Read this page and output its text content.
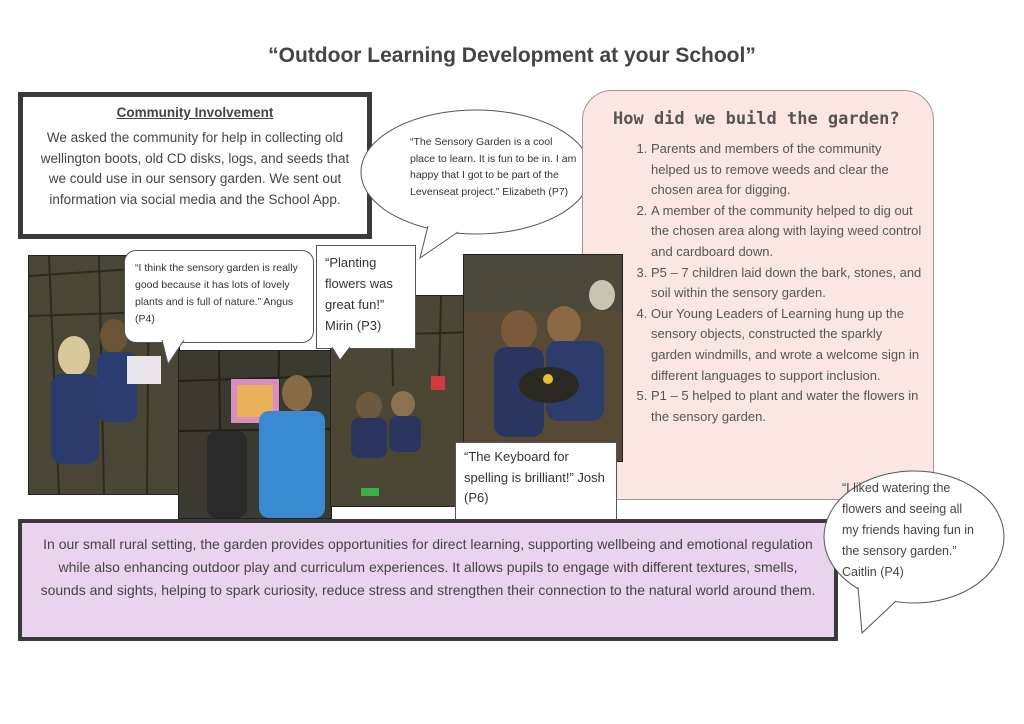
“Outdoor Learning Development at your School”
Community Involvement
We asked the community for help in collecting old wellington boots, old CD disks, logs, and seeds that we could use in our sensory garden. We sent out information via social media and the School App.
“The Sensory Garden is a cool place to learn. It is fun to be in. I am happy that I got to be part of the Levenseat project.” Elizabeth (P7)
How did we build the garden?
1. Parents and members of the community helped us to remove weeds and clear the chosen area for digging.
2. A member of the community helped to dig out the chosen area along with laying weed control and cardboard down.
3. P5 – 7 children laid down the bark, stones, and soil within the sensory garden.
4. Our Young Leaders of Learning hung up the sensory objects, constructed the sparkly garden windmills, and wrote a welcome sign in different languages to support inclusion.
5. P1 – 5 helped to plant and water the flowers in the sensory garden.
“I think the sensory garden is really good because it has lots of lovely plants and is full of nature.” Angus (P4)
“Planting flowers was great fun!” Mirin (P3)
“The Keyboard for spelling is brilliant!” Josh (P6)
In our small rural setting, the garden provides opportunities for direct learning, supporting wellbeing and emotional regulation while also enhancing outdoor play and curriculum experiences. It allows pupils to engage with different textures, smells, sounds and sights, helping to spark curiosity, reduce stress and strengthen their connection to the natural world around them.
“I liked watering the flowers and seeing all my friends having fun in the sensory garden.” Caitlin (P4)
